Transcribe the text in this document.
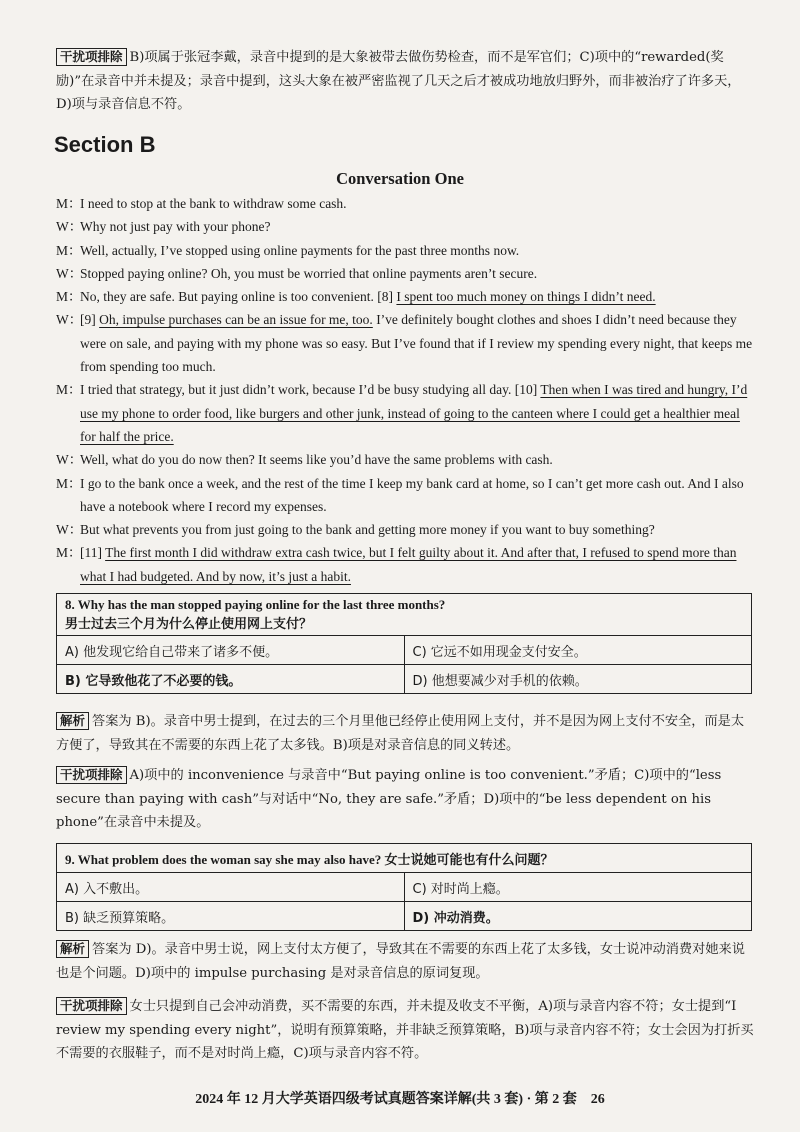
干扰项排除 B)项属于张冠李戴，录音中提到的是大象被带去做伤势检查，而不是军官们；C)项中的“rewarded(奖励)”在录音中并未提及；录音中提到，这头大象在被严密监视了几天之后才被成功地放归野外，而非被治疗了许多天，D)项与录音信息不符。
Section B
Conversation One
M：
I need to stop at the bank to withdraw some cash.
W：
Why not just pay with your phone?
M：
Well, actually, I’ve stopped using online payments for the past three months now.
W：
Stopped paying online? Oh, you must be worried that online payments aren’t secure.
M：
No, they are safe. But paying online is too convenient. [8] I spent too much money on things I didn’t need.
W：
[9] Oh, impulse purchases can be an issue for me, too. I’ve definitely bought clothes and shoes I didn’t need because they were on sale, and paying with my phone was so easy. But I’ve found that if I review my spending every night, that keeps me from spending too much.
M：
I tried that strategy, but it just didn’t work, because I’d be busy studying all day. [10] Then when I was tired and hungry, I’d use my phone to order food, like burgers and other junk, instead of going to the canteen where I could get a healthier meal for half the price.
W：
Well, what do you do now then? It seems like you’d have the same problems with cash.
M：
I go to the bank once a week, and the rest of the time I keep my bank card at home, so I can’t get more cash out. And I also have a notebook where I record my expenses.
W：
But what prevents you from just going to the bank and getting more money if you want to buy something?
M：
[11] The first month I did withdraw extra cash twice, but I felt guilty about it. And after that, I refused to spend more than what I had budgeted. And by now, it’s just a habit.
8. Why has the man stopped paying online for the last three months?
男士过去三个月为什么停止使用网上支付？	

A) 他发现它给自己带来了诸多不便。	C) 它远不如用现金支付安全。
B) 它导致他花了不必要的钱。	D) 他想要减少对手机的依赖。
解析 答案为 B)。录音中男士提到，在过去的三个月里他已经停止使用网上支付，并不是因为网上支付不安全，而是太方便了，导致其在不需要的东西上花了太多钱。B)项是对录音信息的同义转述。
干扰项排除 A)项中的 inconvenience 与录音中“But paying online is too convenient.”矛盾；C)项中的“less secure than paying with cash”与对话中“No, they are safe.”矛盾；D)项中的“be less dependent on his phone”在录音中未提及。
9. What problem does the woman say she may also have? 女士说她可能也有什么问题？	
A) 入不敷出。	C) 对时尚上瘾。
B) 缺乏预算策略。	D) 冲动消费。
解析 答案为 D)。录音中男士说，网上支付太方便了，导致其在不需要的东西上花了太多钱，女士说冲动消费对她来说也是个问题。D)项中的 impulse purchasing 是对录音信息的原词复现。
干扰项排除 女士只提到自己会冲动消费，买不需要的东西，并未提及收支不平衡，A)项与录音内容不符；女士提到“I review my spending every night”，说明有预算策略，并非缺乏预算策略，B)项与录音内容不符；女士会因为打折买不需要的衣服鞋子，而不是对时尚上瘾，C)项与录音内容不符。
2024 年 12 月大学英语四级考试真题答案详解(共 3 套) · 第 2 套　26
